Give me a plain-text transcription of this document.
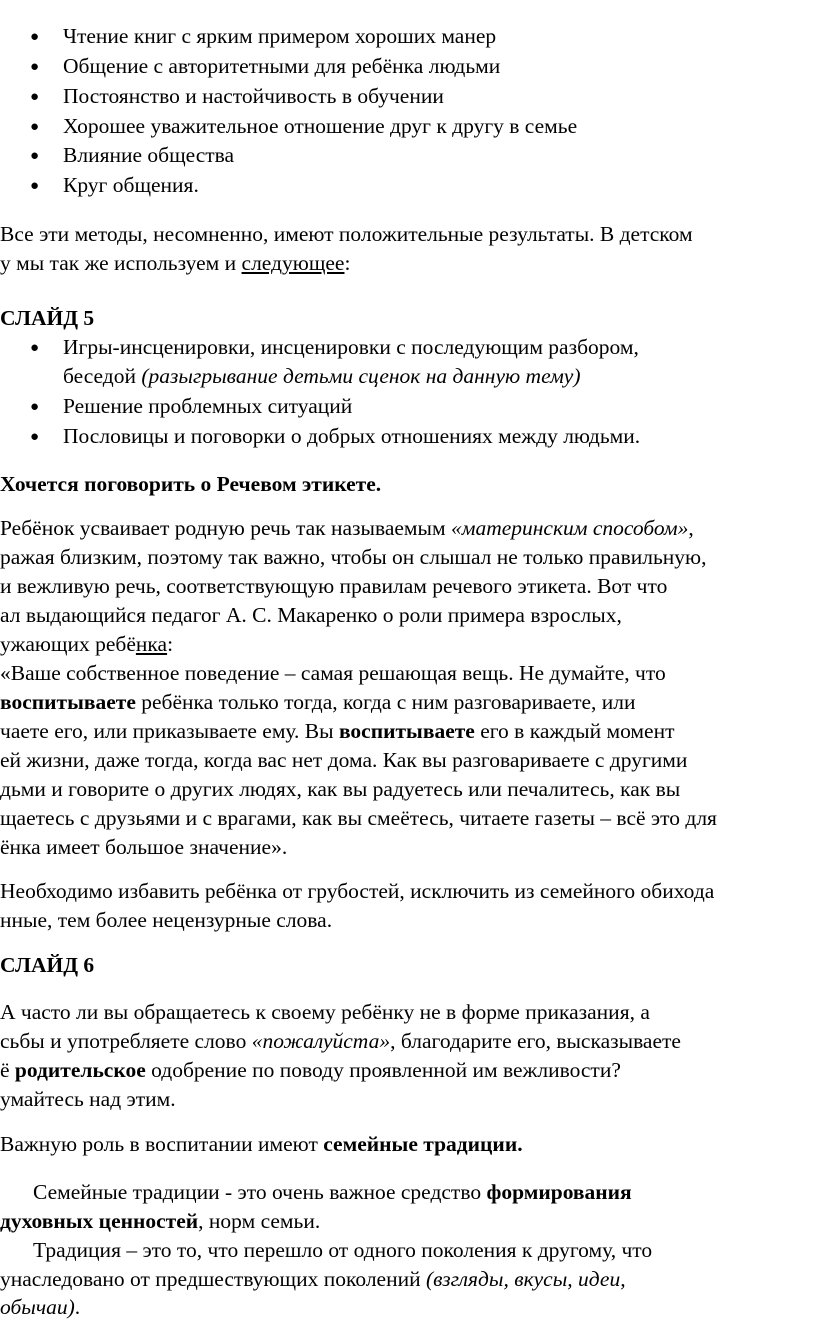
● Чтение книг с ярким примером хороших манер
● Общение с авторитетными для ребёнка людьми
● Постоянство и настойчивость в обучении
● Хорошее уважительное отношение друг к другу в семье
● Влияние общества
● Круг общения.
Все эти методы, несомненно, имеют положительные результаты. В детском
у мы так же используем и следующее:
СЛАЙД 5
● Игры-инсценировки, инсценировки с последующим разбором,
беседой (разыгрывание детьми сценок на данную тему)
● Решение проблемных ситуаций
● Пословицы и поговорки о добрых отношениях между людьми.
Хочется поговорить о Речевом этикете.
Ребёнок усваивает родную речь так называемым «материнским способом»,
ражая близким, поэтому так важно, чтобы он слышал не только правильную,
и вежливую речь, соответствующую правилам речевого этикета. Вот что
ал выдающийся педагог А. С. Макаренко о роли примера взрослых,
ужающих ребёнка:
«Ваше собственное поведение – самая решающая вещь. Не думайте, что
воспитываете ребёнка только тогда, когда с ним разговариваете, или
чаете его, или приказываете ему. Вы воспитываете его в каждый момент
ей жизни, даже тогда, когда вас нет дома. Как вы разговариваете с другими
дьми и говорите о других людях, как вы радуетесь или печалитесь, как вы
щаетесь с друзьями и с врагами, как вы смеётесь, читаете газеты – всё это для
ёнка имеет большое значение».
Необходимо избавить ребёнка от грубостей, исключить из семейного обихода
нные, тем более нецензурные слова.
СЛАЙД 6
А часто ли вы обращаетесь к своему ребёнку не в форме приказания, а
сьбы и употребляете слово «пожалуйста», благодарите его, высказываете
ё родительское одобрение по поводу проявленной им вежливости?
умайтесь над этим.
Важную роль в воспитании имеют семейные традиции.
Семейные традиции - это очень важное средство формирования
духовных ценностей, норм семьи.
Традиция – это то, что перешло от одного поколения к другому, что
унаследовано от предшествующих поколений (взгляды, вкусы, идеи,
обычаи).
